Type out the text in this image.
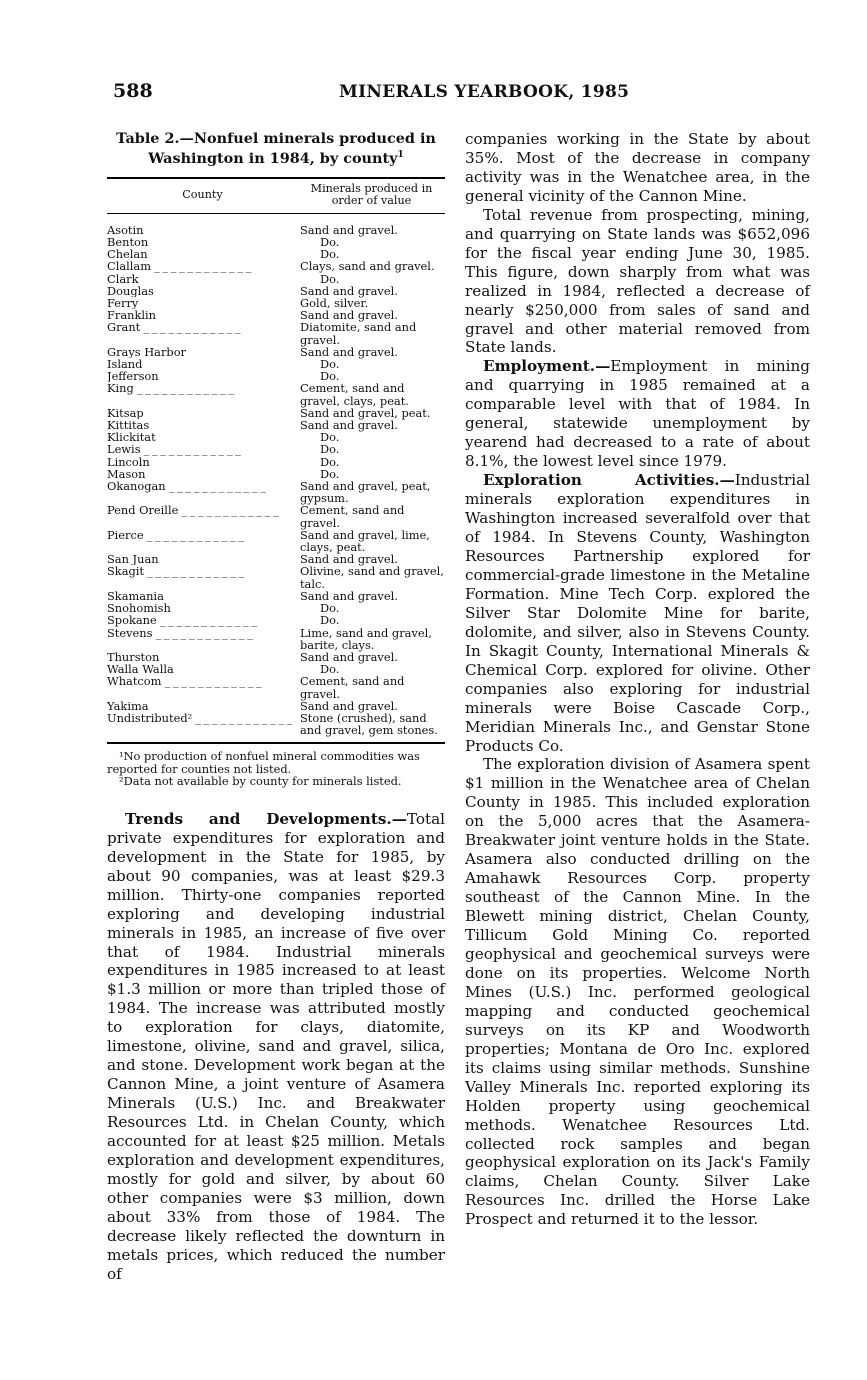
588	MINERALS YEARBOOK, 1985
Table 2.—Nonfuel minerals produced in
Washington in 1984, by county$^1$
County	Minerals produced in order of value
Asotin _ _ _ _ _ _ _ _ _ _ _ _	Sand and gravel.
Benton _ _ _ _ _ _ _ _ _ _ _ _	Do.
Chelan _ _ _ _ _ _ _ _ _ _ _ _	Do.
Clallam _ _ _ _ _ _ _ _ _ _ _ _	Clays, sand and gravel.
Clark _ _ _ _ _ _ _ _ _ _ _ _	Do.
Douglas _ _ _ _ _ _ _ _ _ _ _ _	Sand and gravel.
Ferry _ _ _ _ _ _ _ _ _ _ _ _	Gold, silver.
Franklin _ _ _ _ _ _ _ _ _ _ _ _	Sand and gravel.
Grant _ _ _ _ _ _ _ _ _ _ _ _	Diatomite, sand and gravel.
Grays Harbor _ _ _ _ _ _ _ _ _ _ _ _	Sand and gravel.
Island _ _ _ _ _ _ _ _ _ _ _ _	Do.
Jefferson _ _ _ _ _ _ _ _ _ _ _ _	Do.
King _ _ _ _ _ _ _ _ _ _ _ _	Cement, sand and gravel, clays, peat.
Kitsap _ _ _ _ _ _ _ _ _ _ _ _	Sand and gravel, peat.
Kittitas _ _ _ _ _ _ _ _ _ _ _ _	Sand and gravel.
Klickitat _ _ _ _ _ _ _ _ _ _ _ _	Do.
Lewis _ _ _ _ _ _ _ _ _ _ _ _	Do.
Lincoln _ _ _ _ _ _ _ _ _ _ _ _	Do.
Mason _ _ _ _ _ _ _ _ _ _ _ _	Do.
Okanogan _ _ _ _ _ _ _ _ _ _ _ _	Sand and gravel, peat, gypsum.
Pend Oreille _ _ _ _ _ _ _ _ _ _ _ _	Cement, sand and gravel.
Pierce _ _ _ _ _ _ _ _ _ _ _ _	Sand and gravel, lime, clays, peat.
San Juan _ _ _ _ _ _ _ _ _ _ _ _	Sand and gravel.
Skagit _ _ _ _ _ _ _ _ _ _ _ _	Olivine, sand and gravel, talc.
Skamania _ _ _ _ _ _ _ _ _ _ _ _	Sand and gravel.
Snohomish _ _ _ _ _ _ _ _ _ _ _ _	Do.
Spokane _ _ _ _ _ _ _ _ _ _ _ _	Do.
Stevens _ _ _ _ _ _ _ _ _ _ _ _	Lime, sand and gravel, barite, clays.
Thurston _ _ _ _ _ _ _ _ _ _ _ _	Sand and gravel.
Walla Walla _ _ _ _ _ _ _ _ _ _ _ _	Do.
Whatcom _ _ _ _ _ _ _ _ _ _ _ _	Cement, sand and gravel.
Yakima _ _ _ _ _ _ _ _ _ _ _ _	Sand and gravel.
Undistributed² _ _ _ _ _ _ _ _ _ _ _ _	Stone (crushed), sand and gravel, gem stones.

¹No production of nonfuel mineral commodities was reported for counties not listed.

²Data not available by county for minerals listed.

Trends and Developments.—Total private expenditures for exploration and development in the State for 1985, by about 90 companies, was at least $29.3 million. Thirty-one companies reported exploring and developing industrial minerals in 1985, an increase of five over that of 1984. Industrial minerals expenditures in 1985 increased to at least $1.3 million or more than tripled those of 1984. The increase was attributed mostly to exploration for clays, diatomite, limestone, olivine, sand and gravel, silica, and stone. Development work began at the Cannon Mine, a joint venture of Asamera Minerals (U.S.) Inc. and Breakwater Resources Ltd. in Chelan County, which accounted for at least $25 million. Metals exploration and development expenditures, mostly for gold and silver, by about 60 other companies were $3 million, down about 33% from those of 1984. The decrease likely reflected the downturn in metals prices, which reduced the number of

companies working in the State by about 35%. Most of the decrease in company activity was in the Wenatchee area, in the general vicinity of the Cannon Mine.

Total revenue from prospecting, mining, and quarrying on State lands was $652,096 for the fiscal year ending June 30, 1985. This figure, down sharply from what was realized in 1984, reflected a decrease of nearly $250,000 from sales of sand and gravel and other material removed from State lands.

Employment.—Employment in mining and quarrying in 1985 remained at a comparable level with that of 1984. In general, statewide unemployment by yearend had decreased to a rate of about 8.1%, the lowest level since 1979.

Exploration Activities.—Industrial minerals exploration expenditures in Washington increased severalfold over that of 1984. In Stevens County, Washington Resources Partnership explored for commercial-grade limestone in the Metaline Formation. Mine Tech Corp. explored the Silver Star Dolomite Mine for barite, dolomite, and silver, also in Stevens County. In Skagit County, International Minerals & Chemical Corp. explored for olivine. Other companies also exploring for industrial minerals were Boise Cascade Corp., Meridian Minerals Inc., and Genstar Stone Products Co.

The exploration division of Asamera spent $1 million in the Wenatchee area of Chelan County in 1985. This included exploration on the 5,000 acres that the Asamera-Breakwater joint venture holds in the State. Asamera also conducted drilling on the Amahawk Resources Corp. property southeast of the Cannon Mine. In the Blewett mining district, Chelan County, Tillicum Gold Mining Co. reported geophysical and geochemical surveys were done on its properties. Welcome North Mines (U.S.) Inc. performed geological mapping and conducted geochemical surveys on its KP and Woodworth properties; Montana de Oro Inc. explored its claims using similar methods. Sunshine Valley Minerals Inc. reported exploring its Holden property using geochemical methods. Wenatchee Resources Ltd. collected rock samples and began geophysical exploration on its Jack's Family claims, Chelan County. Silver Lake Resources Inc. drilled the Horse Lake Prospect and returned it to the lessor.
